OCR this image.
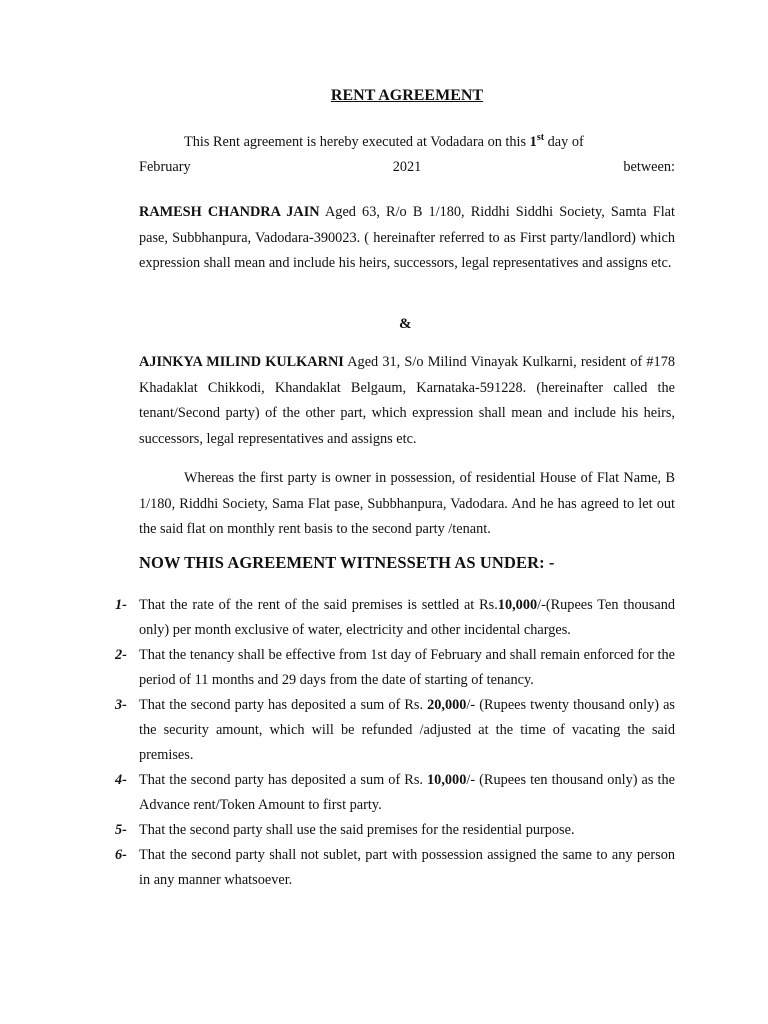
RENT AGREEMENT
This Rent agreement is hereby executed at Vodadara on this 1st day of
February	2021	between:
RAMESH CHANDRA JAIN Aged 63, R/o B 1/180, Riddhi Siddhi Society, Samta Flat pase, Subbhanpura, Vadodara-390023. ( hereinafter referred to as First party/landlord) which expression shall mean and include his heirs, successors, legal representatives and assigns etc.
&
AJINKYA MILIND KULKARNI Aged 31, S/o Milind Vinayak Kulkarni, resident of #178 Khadaklat Chikkodi, Khandaklat Belgaum, Karnataka-591228. (hereinafter called the tenant/Second party) of the other part, which expression shall mean and include his heirs, successors, legal representatives and assigns etc.
Whereas the first party is owner in possession, of residential House of Flat Name, B 1/180, Riddhi Society, Sama Flat pase, Subbhanpura, Vadodara. And he has agreed to let out the said flat on monthly rent basis to the second party /tenant.
NOW THIS AGREEMENT WITNESSETH AS UNDER: -
1- That the rate of the rent of the said premises is settled at Rs.10,000/-(Rupees Ten thousand only) per month exclusive of water, electricity and other incidental charges.
2- That the tenancy shall be effective from 1st day of February and shall remain enforced for the period of 11 months and 29 days from the date of starting of tenancy.
3- That the second party has deposited a sum of Rs. 20,000/- (Rupees twenty thousand only) as the security amount, which will be refunded /adjusted at the time of vacating the said premises.
4- That the second party has deposited a sum of Rs. 10,000/- (Rupees ten thousand only) as the Advance rent/Token Amount to first party.
5- That the second party shall use the said premises for the residential purpose.
6- That the second party shall not sublet, part with possession assigned the same to any person in any manner whatsoever.
